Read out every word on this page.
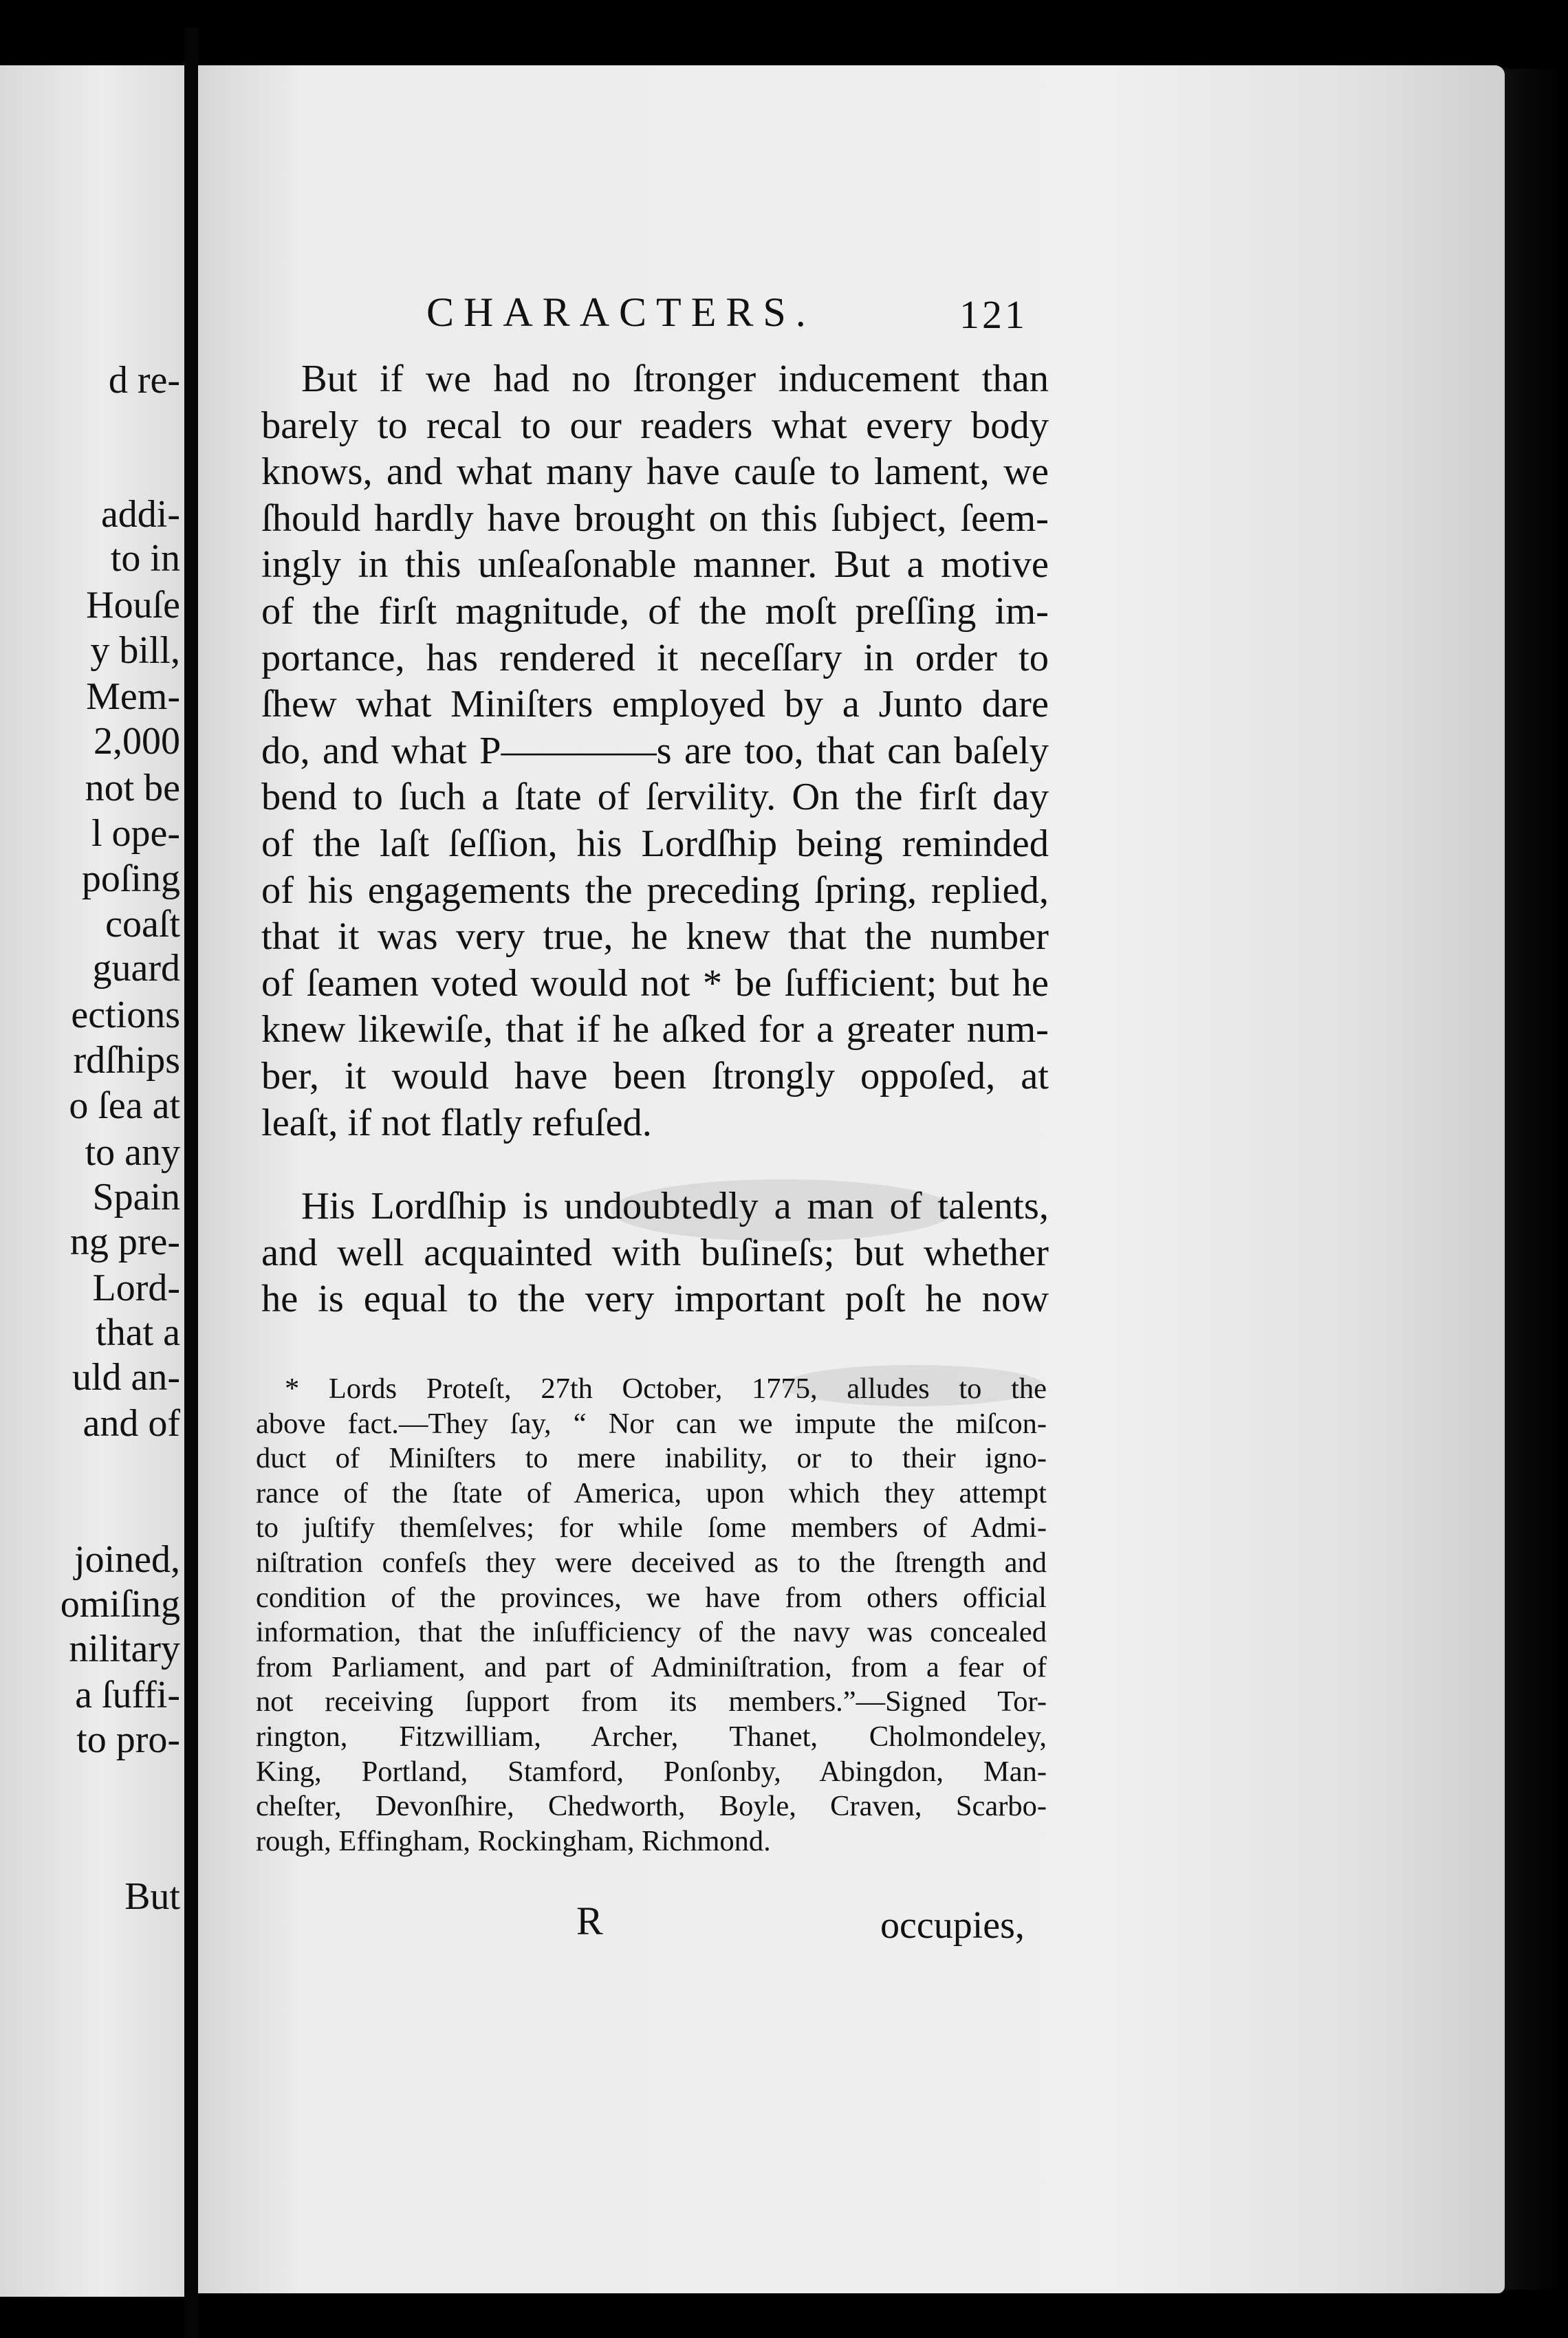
d re-
addi-
to in
Houſe
y bill,
Mem-
2,000
not be
l ope-
poſing
coaſt
guard
ections
rdſhips
o ſea at
to any
Spain
ng pre-
Lord-
that a
uld an-
and of
joined,
omiſing
nilitary
a ſuffi-
to pro-
But
CHARACTERS.	121
But if we had no ſtronger inducement than
barely to recal to our readers what every body
knows, and what many have cauſe to lament, we
ſhould hardly have brought on this ſubject, ſeem-
ingly in this unſeaſonable manner. But a motive
of the firſt magnitude, of the moſt preſſing im-
portance, has rendered it neceſſary in order to
ſhew what Miniſters employed by a Junto dare
do, and what P————s are too, that can baſely
bend to ſuch a ſtate of ſervility. On the firſt day
of the laſt ſeſſion, his Lordſhip being reminded
of his engagements the preceding ſpring, replied,
that it was very true, he knew that the number
of ſeamen voted would not * be ſufficient; but he
knew likewiſe, that if he aſked for a greater num-
ber, it would have been ſtrongly oppoſed, at
leaſt, if not flatly refuſed.
His Lordſhip is undoubtedly a man of talents,
and well acquainted with buſineſs; but whether
he is equal to the very important poſt he now
* Lords Proteſt, 27th October, 1775, alludes to the
above fact.—They ſay, “ Nor can we impute the miſcon-
duct of Miniſters to mere inability, or to their igno-
rance of the ſtate of America, upon which they attempt
to juſtify themſelves; for while ſome members of Admi-
niſtration confeſs they were deceived as to the ſtrength and
condition of the provinces, we have from others official
information, that the inſufficiency of the navy was concealed
from Parliament, and part of Adminiſtration, from a fear of
not receiving ſupport from its members.”—Signed Tor-
rington, Fitzwilliam, Archer, Thanet, Cholmondeley,
King, Portland, Stamford, Ponſonby, Abingdon, Man-
cheſter, Devonſhire, Chedworth, Boyle, Craven, Scarbo-
rough, Effingham, Rockingham, Richmond.
R	occupies,
